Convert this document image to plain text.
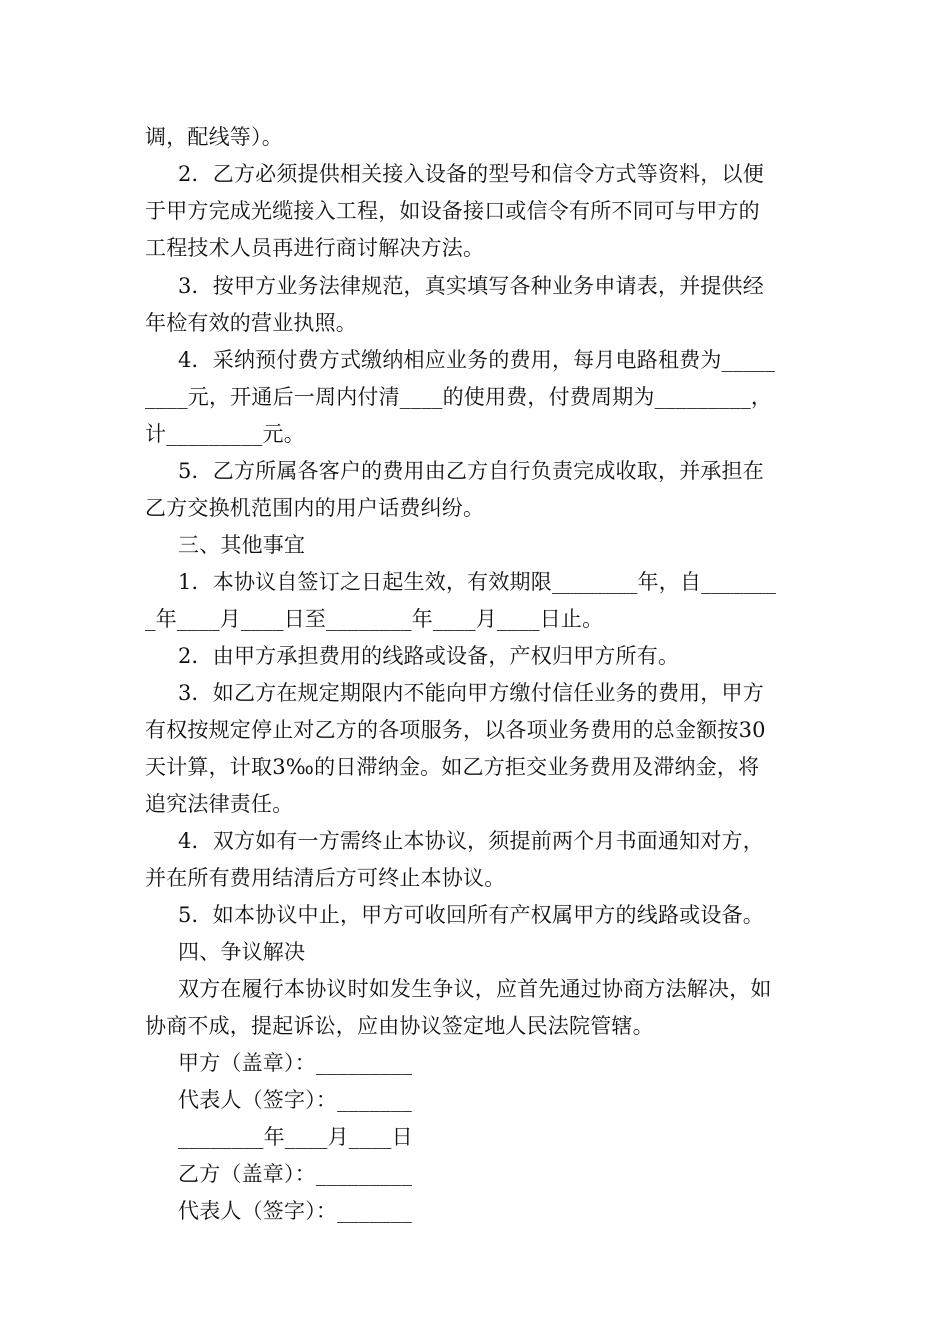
调，配线等）。
2．乙方必须提供相关接入设备的型号和信令方式等资料，以便
于甲方完成光缆接入工程，如设备接口或信令有所不同可与甲方的
工程技术人员再进行商讨解决方法。
3．按甲方业务法律规范，真实填写各种业务申请表，并提供经
年检有效的营业执照。
4．采纳预付费方式缴纳相应业务的费用，每月电路租费为_____
____元，开通后一周内付清____的使用费，付费周期为_________，
计_________元。
5．乙方所属各客户的费用由乙方自行负责完成收取，并承担在
乙方交换机范围内的用户话费纠纷。
三、其他事宜
1．本协议自签订之日起生效，有效期限________年，自_______
_年____月____日至________年____月____日止。
2．由甲方承担费用的线路或设备，产权归甲方所有。
3．如乙方在规定期限内不能向甲方缴付信任业务的费用，甲方
有权按规定停止对乙方的各项服务，以各项业务费用的总金额按30
天计算，计取3‰的日滞纳金。如乙方拒交业务费用及滞纳金，将
追究法律责任。
4．双方如有一方需终止本协议，须提前两个月书面通知对方，
并在所有费用结清后方可终止本协议。
5．如本协议中止，甲方可收回所有产权属甲方的线路或设备。
四、争议解决
双方在履行本协议时如发生争议，应首先通过协商方法解决，如
协商不成，提起诉讼，应由协议签定地人民法院管辖。
甲方（盖章）：_________
代表人（签字）：_______
________年____月____日
乙方（盖章）：_________
代表人（签字）：_______
